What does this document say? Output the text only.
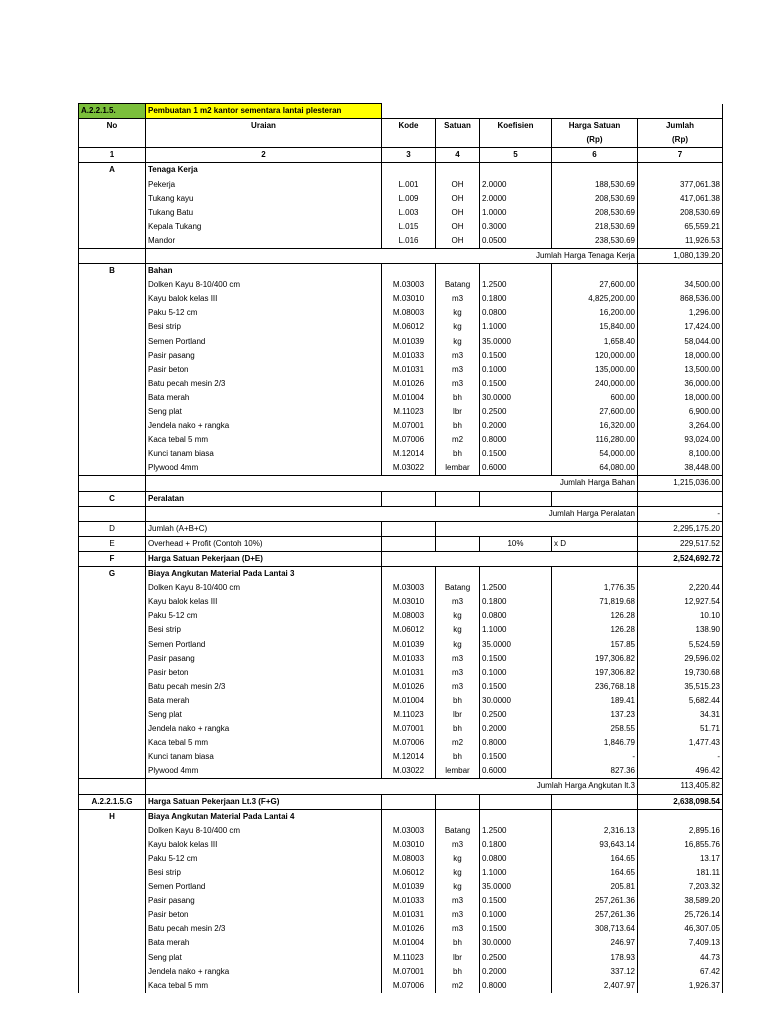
A.2.2.1.5.	Pembuatan 1 m2 kantor sementara lantai plesteran						
No	Uraian	Kode	Satuan	Koefisien	Harga Satuan	Jumlah	
					(Rp)	(Rp)	
1	2	3	4	5	6	7	
A	Tenaga Kerja						
	Pekerja	L.001	OH	2.0000	188,530.69	377,061.38	
	Tukang kayu	L.009	OH	2.0000	208,530.69	417,061.38	
	Tukang Batu	L.003	OH	1.0000	208,530.69	208,530.69	
	Kepala Tukang	L.015	OH	0.3000	218,530.69	65,559.21	
	Mandor	L.016	OH	0.0500	238,530.69	11,926.53	
	Jumlah Harga Tenaga Kerja					1,080,139.20	
B	Bahan						
	Dolken Kayu 8-10/400 cm	M.03003	Batang	1.2500	27,600.00	34,500.00	
	Kayu balok kelas III	M.03010	m3	0.1800	4,825,200.00	868,536.00	
	Paku 5-12 cm	M.08003	kg	0.0800	16,200.00	1,296.00	
	Besi strip	M.06012	kg	1.1000	15,840.00	17,424.00	
	Semen Portland	M.01039	kg	35.0000	1,658.40	58,044.00	
	Pasir pasang	M.01033	m3	0.1500	120,000.00	18,000.00	
	Pasir beton	M.01031	m3	0.1000	135,000.00	13,500.00	
	Batu pecah mesin 2/3	M.01026	m3	0.1500	240,000.00	36,000.00	
	Bata merah	M.01004	bh	30.0000	600.00	18,000.00	
	Seng plat	M.11023	lbr	0.2500	27,600.00	6,900.00	
	Jendela nako + rangka	M.07001	bh	0.2000	16,320.00	3,264.00	
	Kaca tebal 5 mm	M.07006	m2	0.8000	116,280.00	93,024.00	
	Kunci tanam biasa	M.12014	bh	0.1500	54,000.00	8,100.00	
	Plywood 4mm	M.03022	lembar	0.6000	64,080.00	38,448.00	
	Jumlah Harga Bahan					1,215,036.00	
C	Peralatan						
	Jumlah Harga Peralatan					-	
D	Jumlah (A+B+C)					2,295,175.20	
E	Overhead + Profit (Contoh 10%)			10%	x D	229,517.52	
F	Harga Satuan Pekerjaan (D+E)					2,524,692.72	
G	Biaya Angkutan Material Pada Lantai 3						
	Dolken Kayu 8-10/400 cm	M.03003	Batang	1.2500	1,776.35	2,220.44	
	Kayu balok kelas III	M.03010	m3	0.1800	71,819.68	12,927.54	
	Paku 5-12 cm	M.08003	kg	0.0800	126.28	10.10	
	Besi strip	M.06012	kg	1.1000	126.28	138.90	
	Semen Portland	M.01039	kg	35.0000	157.85	5,524.59	
	Pasir pasang	M.01033	m3	0.1500	197,306.82	29,596.02	
	Pasir beton	M.01031	m3	0.1000	197,306.82	19,730.68	
	Batu pecah mesin 2/3	M.01026	m3	0.1500	236,768.18	35,515.23	
	Bata merah	M.01004	bh	30.0000	189.41	5,682.44	
	Seng plat	M.11023	lbr	0.2500	137.23	34.31	
	Jendela nako + rangka	M.07001	bh	0.2000	258.55	51.71	
	Kaca tebal 5 mm	M.07006	m2	0.8000	1,846.79	1,477.43	
	Kunci tanam biasa	M.12014	bh	0.1500	-	-	
	Plywood 4mm	M.03022	lembar	0.6000	827.36	496.42	
	Jumlah Harga Angkutan lt.3					113,405.82	
A.2.2.1.5.G	Harga Satuan Pekerjaan Lt.3 (F+G)					2,638,098.54	
H	Biaya Angkutan Material Pada Lantai 4						
	Dolken Kayu 8-10/400 cm	M.03003	Batang	1.2500	2,316.13	2,895.16	
	Kayu balok kelas III	M.03010	m3	0.1800	93,643.14	16,855.76	
	Paku 5-12 cm	M.08003	kg	0.0800	164.65	13.17	
	Besi strip	M.06012	kg	1.1000	164.65	181.11	
	Semen Portland	M.01039	kg	35.0000	205.81	7,203.32	
	Pasir pasang	M.01033	m3	0.1500	257,261.36	38,589.20	
	Pasir beton	M.01031	m3	0.1000	257,261.36	25,726.14	
	Batu pecah mesin 2/3	M.01026	m3	0.1500	308,713.64	46,307.05	
	Bata merah	M.01004	bh	30.0000	246.97	7,409.13	
	Seng plat	M.11023	lbr	0.2500	178.93	44.73	
	Jendela nako + rangka	M.07001	bh	0.2000	337.12	67.42	
	Kaca tebal 5 mm	M.07006	m2	0.8000	2,407.97	1,926.37	
